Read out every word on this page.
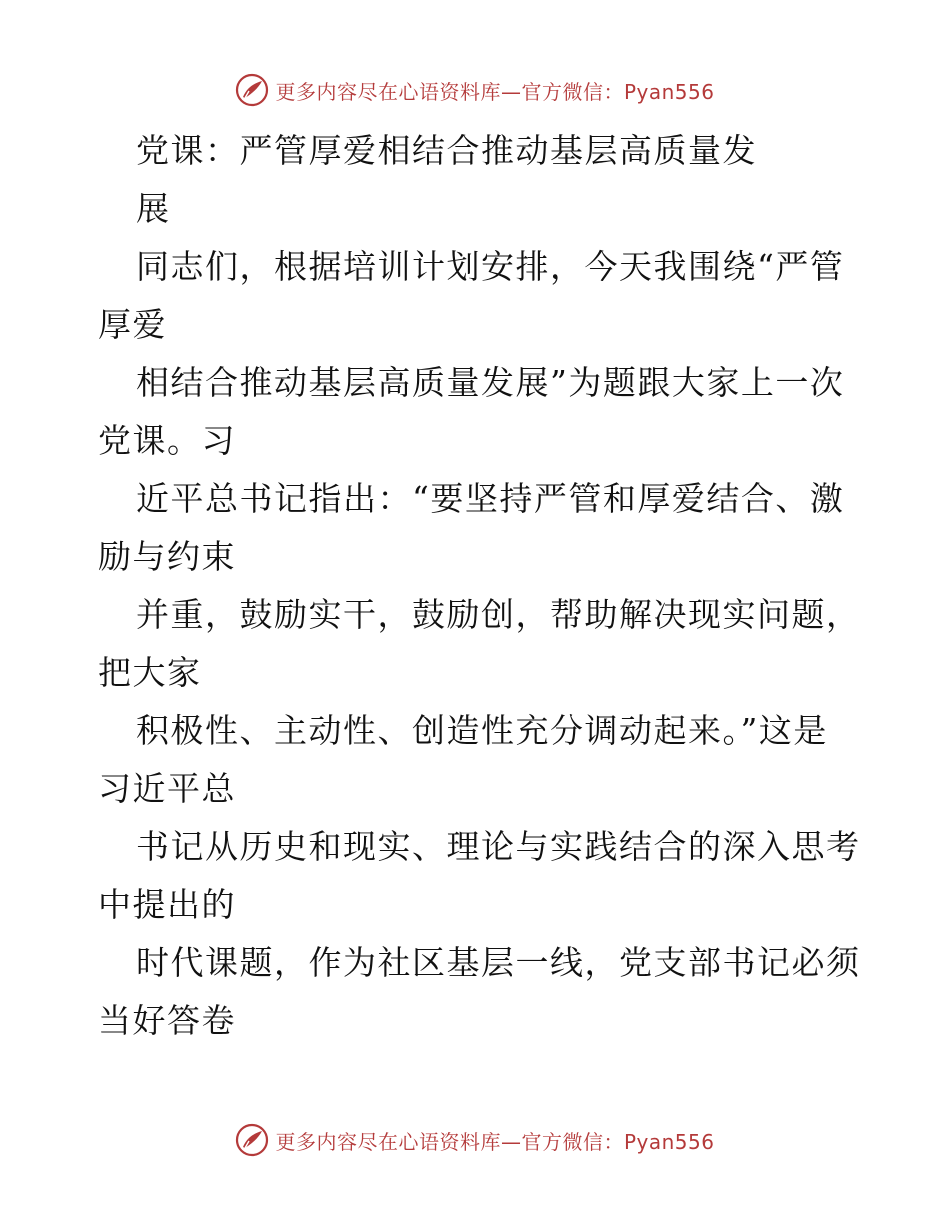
更多内容尽在心语资料库—官方微信：Pyan556
党课：严管厚爱相结合推动基层高质量发
展
同志们，根据培训计划安排，今天我围绕“严管
厚爱
相结合推动基层高质量发展”为题跟大家上一次
党课。习
近平总书记指出：“要坚持严管和厚爱结合、激
励与约束
并重，鼓励实干，鼓励创，帮助解决现实问题，
把大家
积极性、主动性、创造性充分调动起来。”这是
习近平总
书记从历史和现实、理论与实践结合的深入思考
中提出的
时代课题，作为社区基层一线，党支部书记必须
当好答卷
更多内容尽在心语资料库—官方微信：Pyan556
